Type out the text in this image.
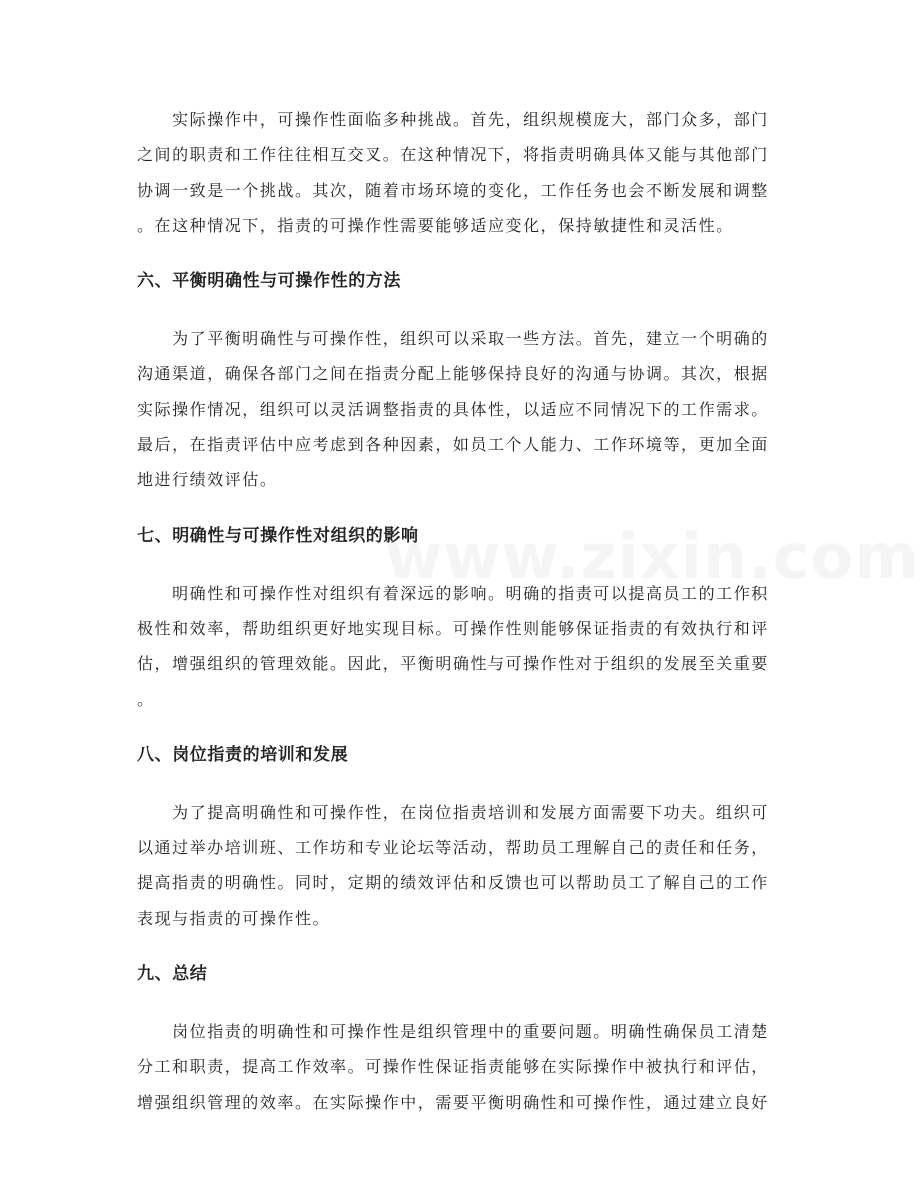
　　实际操作中，可操作性面临多种挑战。首先，组织规模庞大，部门众多，部门
之间的职责和工作往往相互交叉。在这种情况下，将指责明确具体又能与其他部门
协调一致是一个挑战。其次，随着市场环境的变化，工作任务也会不断发展和调整
。在这种情况下，指责的可操作性需要能够适应变化，保持敏捷性和灵活性。
六、平衡明确性与可操作性的方法
　　为了平衡明确性与可操作性，组织可以采取一些方法。首先，建立一个明确的
沟通渠道，确保各部门之间在指责分配上能够保持良好的沟通与协调。其次，根据
实际操作情况，组织可以灵活调整指责的具体性，以适应不同情况下的工作需求。
最后，在指责评估中应考虑到各种因素，如员工个人能力、工作环境等，更加全面
地进行绩效评估。
七、明确性与可操作性对组织的影响
　　明确性和可操作性对组织有着深远的影响。明确的指责可以提高员工的工作积
极性和效率，帮助组织更好地实现目标。可操作性则能够保证指责的有效执行和评
估，增强组织的管理效能。因此，平衡明确性与可操作性对于组织的发展至关重要
。
八、岗位指责的培训和发展
　　为了提高明确性和可操作性，在岗位指责培训和发展方面需要下功夫。组织可
以通过举办培训班、工作坊和专业论坛等活动，帮助员工理解自己的责任和任务，
提高指责的明确性。同时，定期的绩效评估和反馈也可以帮助员工了解自己的工作
表现与指责的可操作性。
九、总结
　　岗位指责的明确性和可操作性是组织管理中的重要问题。明确性确保员工清楚
分工和职责，提高工作效率。可操作性保证指责能够在实际操作中被执行和评估，
增强组织管理的效率。在实际操作中，需要平衡明确性和可操作性，通过建立良好
